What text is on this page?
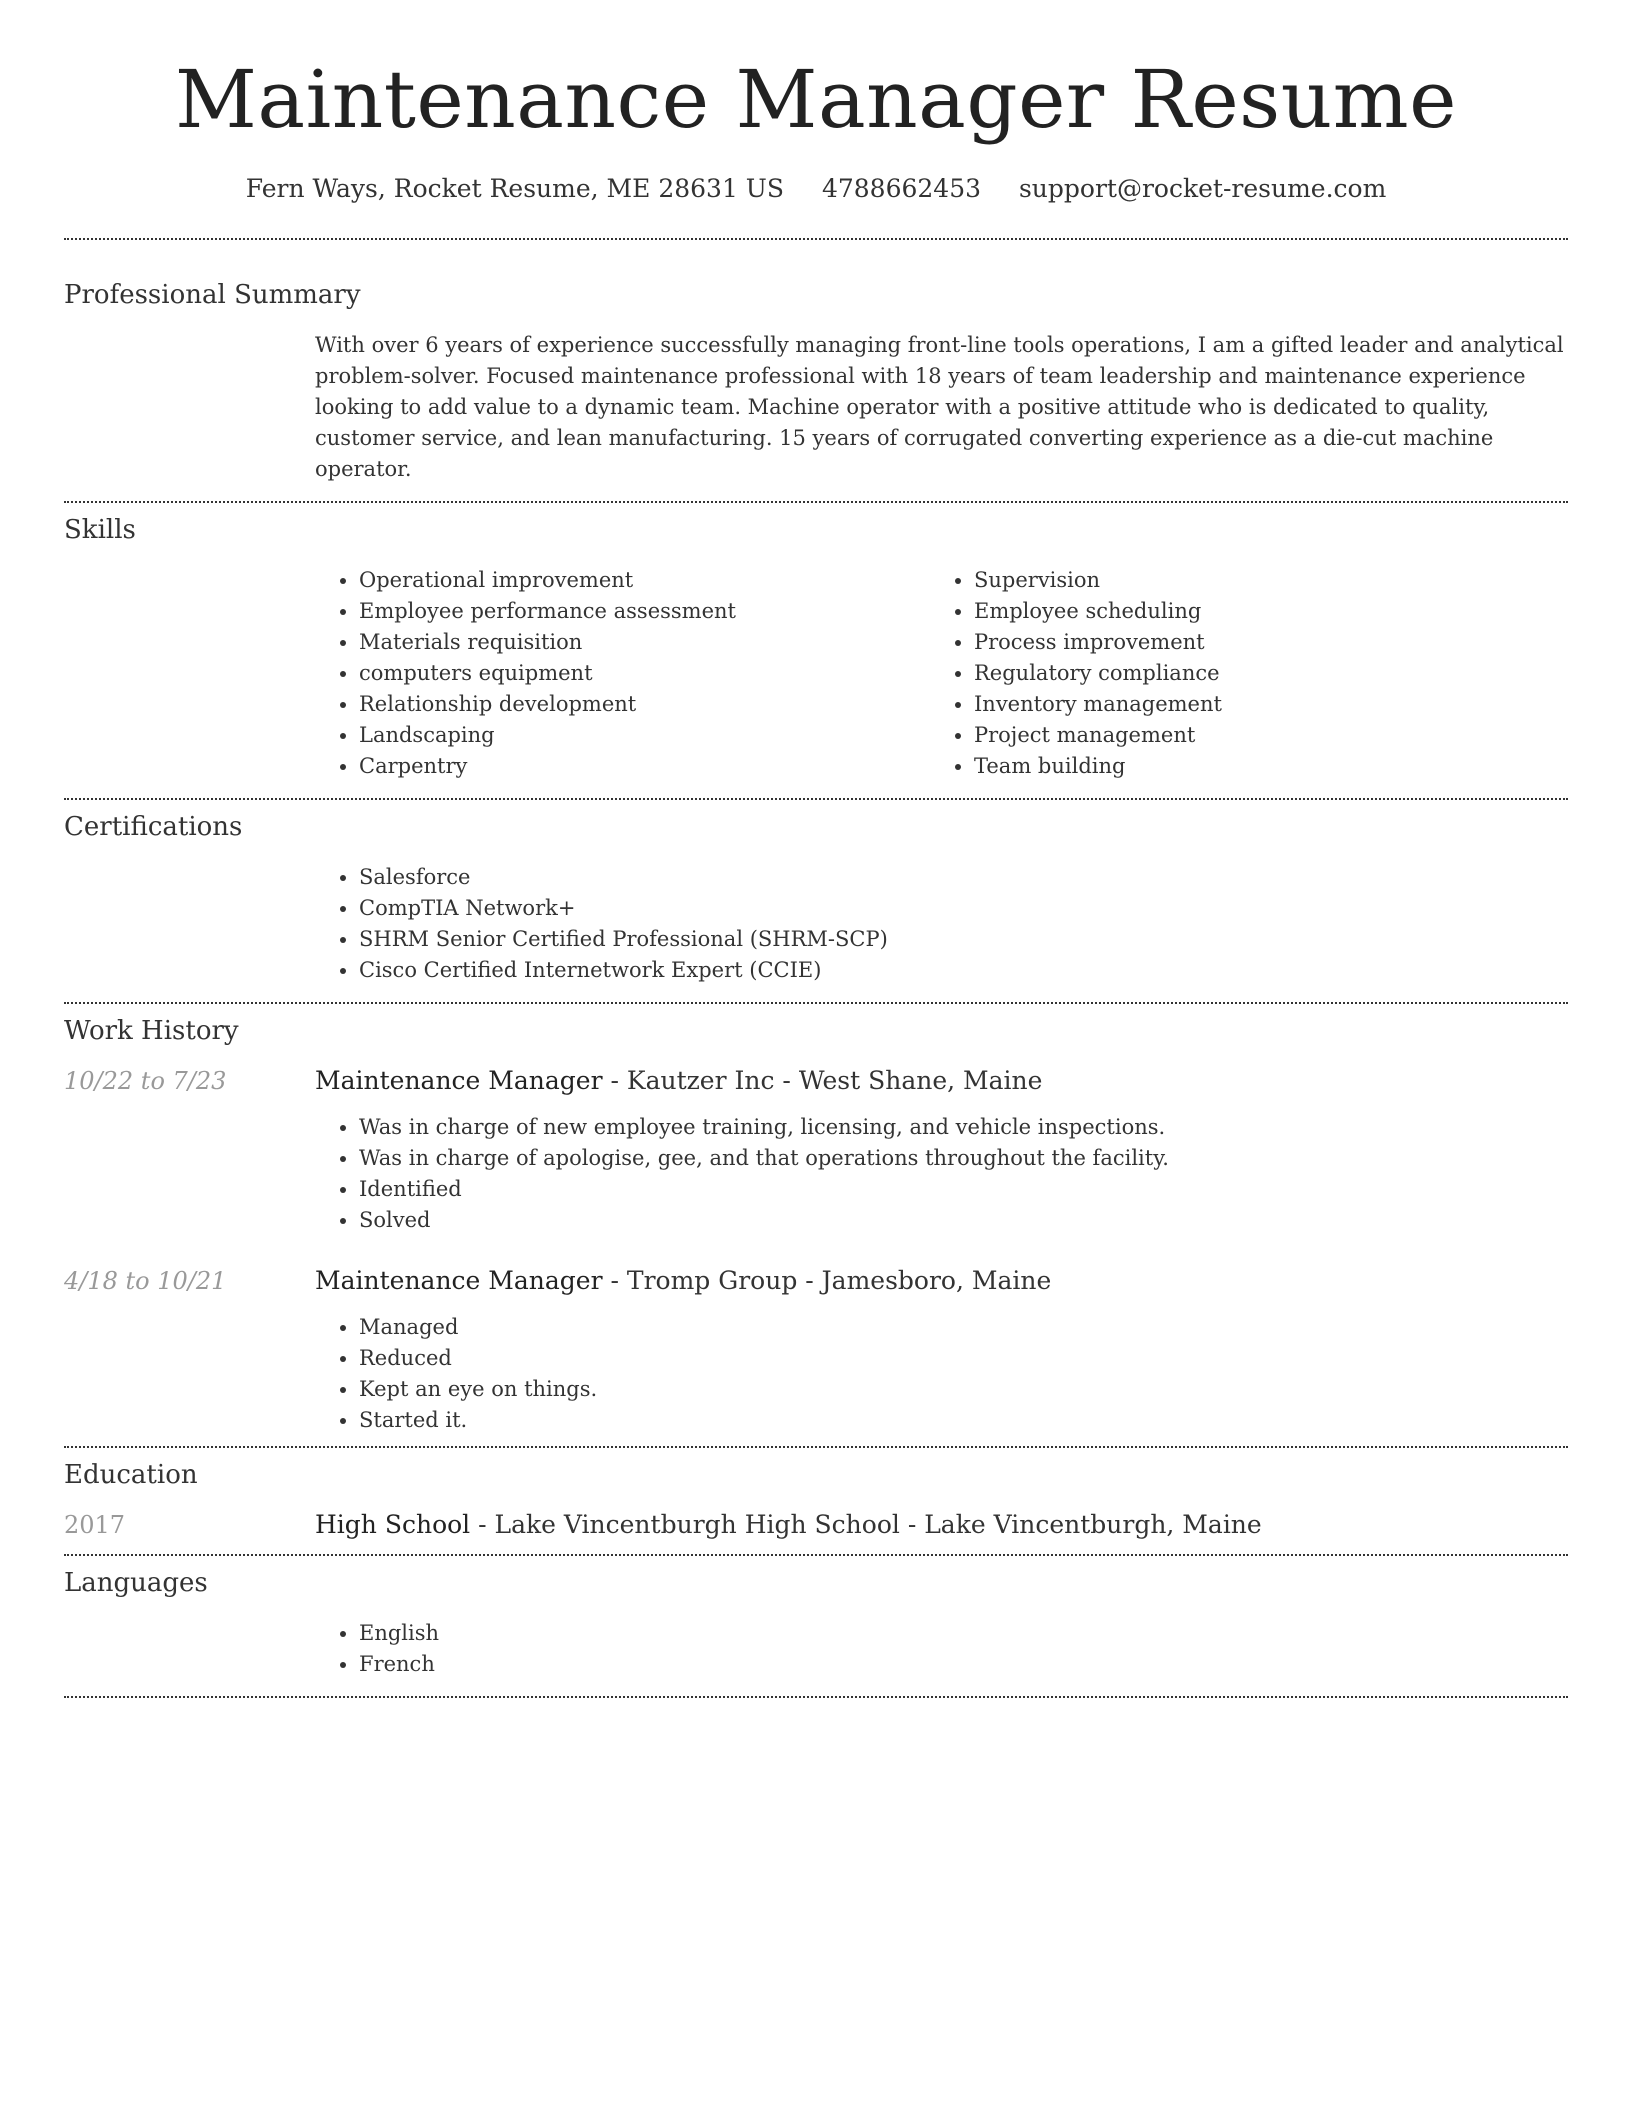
Maintenance Manager Resume
Fern Ways, Rocket Resume, ME 28631 US 4788662453 support@rocket-resume.com
Professional Summary
With over 6 years of experience successfully managing front-line tools operations, I am a gifted leader and analytical problem-solver. Focused maintenance professional with 18 years of team leadership and maintenance experience looking to add value to a dynamic team. Machine operator with a positive attitude who is dedicated to quality, customer service, and lean manufacturing. 15 years of corrugated converting experience as a die-cut machine operator.
Skills
• Operational improvement
• Employee performance assessment
• Materials requisition
• computers equipment
• Relationship development
• Landscaping
• Carpentry
• Supervision
• Employee scheduling
• Process improvement
• Regulatory compliance
• Inventory management
• Project management
• Team building
Certifications
• Salesforce
• CompTIA Network+
• SHRM Senior Certified Professional (SHRM-SCP)
• Cisco Certified Internetwork Expert (CCIE)
Work History
10/22 to 7/23	Maintenance Manager - Kautzer Inc - West Shane, Maine
• Was in charge of new employee training, licensing, and vehicle inspections.
• Was in charge of apologise, gee, and that operations throughout the facility.
• Identified
• Solved
4/18 to 10/21	Maintenance Manager - Tromp Group - Jamesboro, Maine
• Managed
• Reduced
• Kept an eye on things.
• Started it.
Education
2017	High School - Lake Vincentburgh High School - Lake Vincentburgh, Maine
Languages
• English
• French
